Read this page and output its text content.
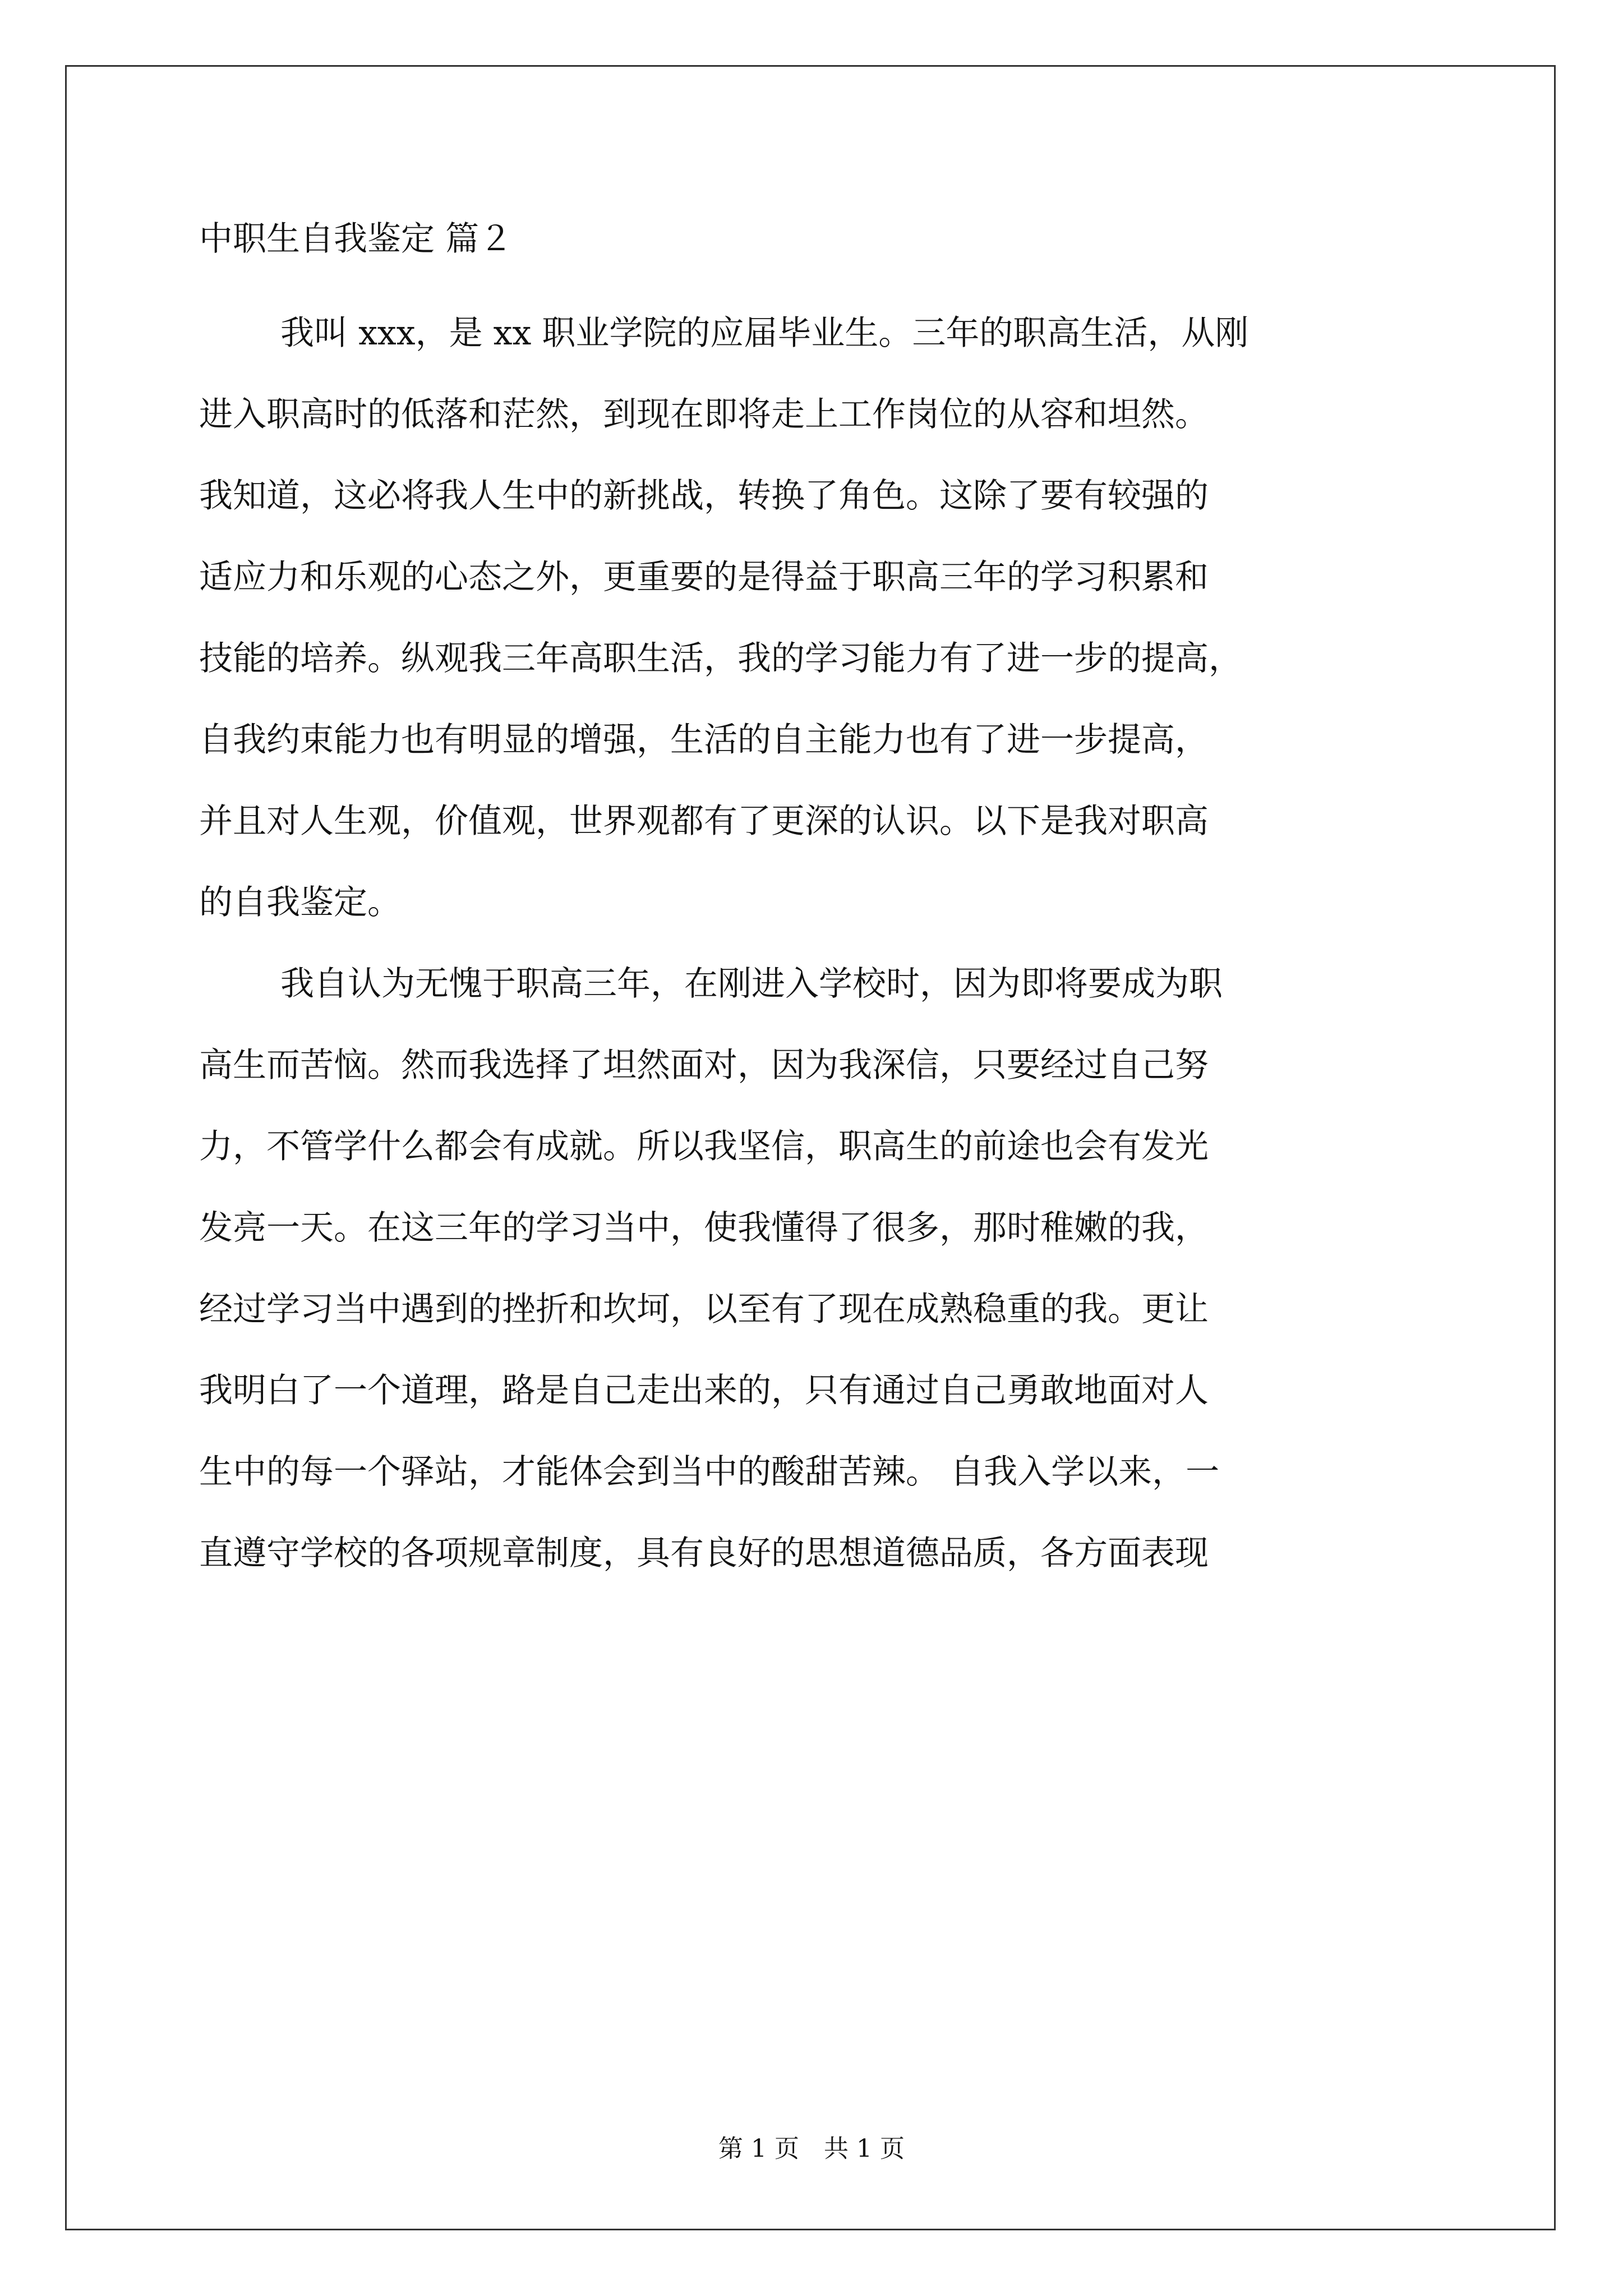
中职生自我鉴定 篇２
我叫 xxx，是 xx 职业学院的应届毕业生。三年的职高生活，从刚
进入职高时的低落和茫然，到现在即将走上工作岗位的从容和坦然。
我知道，这必将我人生中的新挑战，转换了角色。这除了要有较强的
适应力和乐观的心态之外，更重要的是得益于职高三年的学习积累和
技能的培养。纵观我三年高职生活，我的学习能力有了进一步的提高，
自我约束能力也有明显的增强，生活的自主能力也有了进一步提高，
并且对人生观，价值观，世界观都有了更深的认识。以下是我对职高
的自我鉴定。
我自认为无愧于职高三年，在刚进入学校时，因为即将要成为职
高生而苦恼。然而我选择了坦然面对，因为我深信，只要经过自己努
力，不管学什么都会有成就。所以我坚信，职高生的前途也会有发光
发亮一天。在这三年的学习当中，使我懂得了很多，那时稚嫩的我，
经过学习当中遇到的挫折和坎坷，以至有了现在成熟稳重的我。更让
我明白了一个道理，路是自己走出来的，只有通过自己勇敢地面对人
生中的每一个驿站，才能体会到当中的酸甜苦辣。 自我入学以来，一
直遵守学校的各项规章制度，具有良好的思想道德品质，各方面表现
第 1 页　共 1 页
